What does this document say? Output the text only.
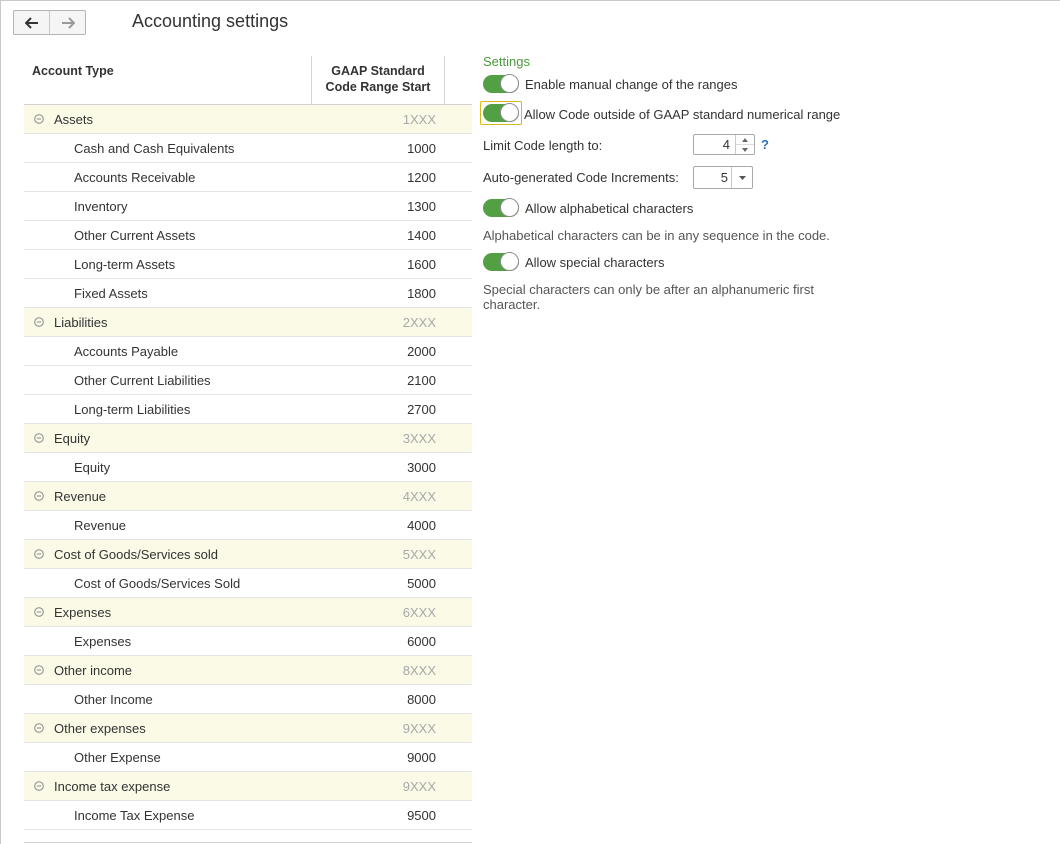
Accounting settings
Account Type	GAAP Standard
Code Range Start
Assets	1XXX
Cash and Cash Equivalents	1000
Accounts Receivable	1200
Inventory	1300
Other Current Assets	1400
Long-term Assets	1600
Fixed Assets	1800
Liabilities	2XXX
Accounts Payable	2000
Other Current Liabilities	2100
Long-term Liabilities	2700
Equity	3XXX
Equity	3000
Revenue	4XXX
Revenue	4000
Cost of Goods/Services sold	5XXX
Cost of Goods/Services Sold	5000
Expenses	6XXX
Expenses	6000
Other income	8XXX
Other Income	8000
Other expenses	9XXX
Other Expense	9000
Income tax expense	9XXX
Income Tax Expense	9500
Settings
Enable manual change of the ranges
Allow Code outside of GAAP standard numerical range
Limit Code length to:	4 ?
Auto-generated Code Increments:	5
Allow alphabetical characters
Alphabetical characters can be in any sequence in the code.
Allow special characters
Special characters can only be after an alphanumeric first character.
